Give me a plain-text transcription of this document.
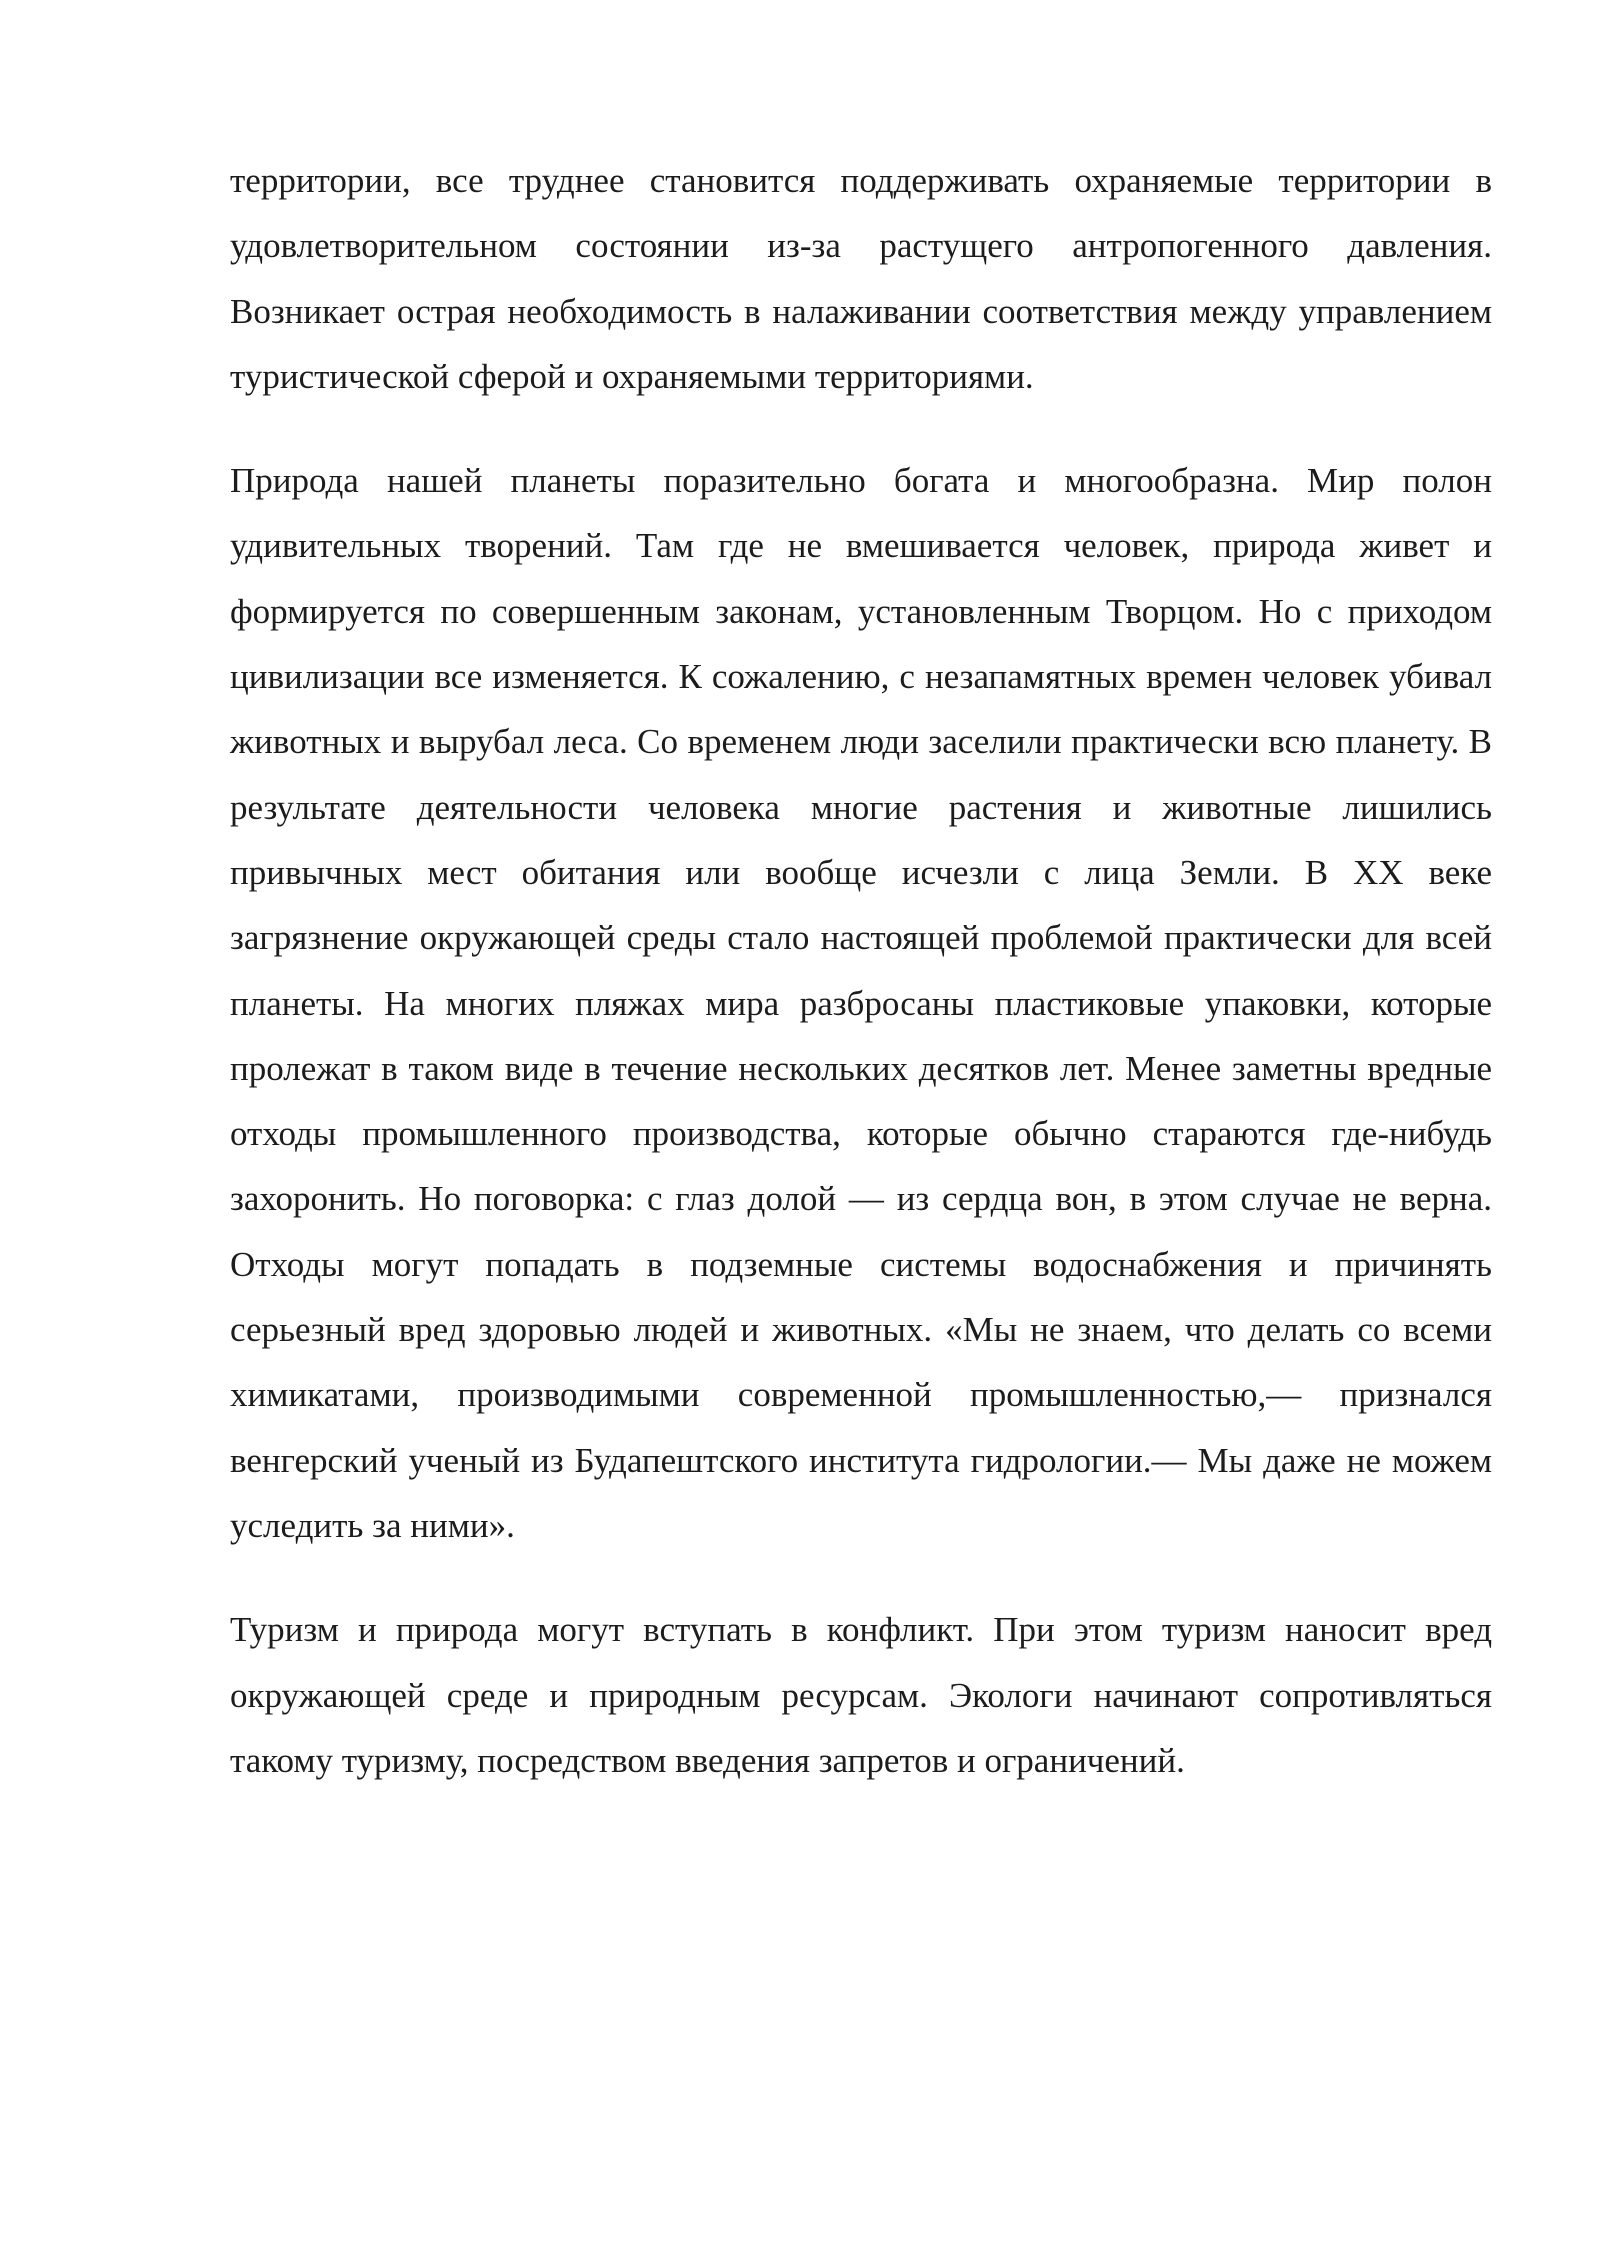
территории, все труднее становится поддерживать охраняемые территории в удовлетворительном состоянии из-за растущего антропогенного давления. Возникает острая необходимость в налаживании соответствия между управлением туристической сферой и охраняемыми территориями.

Природа нашей планеты поразительно богата и многообразна. Мир полон удивительных творений. Там где не вмешивается человек, природа живет и формируется по совершенным законам, установленным Творцом. Но с приходом цивилизации все изменяется. К сожалению, с незапамятных времен человек убивал животных и вырубал леса. Со временем люди заселили практически всю планету. В результате деятельности человека многие растения и животные лишились привычных мест обитания или вообще исчезли с лица Земли. В XX веке загрязнение окружающей среды стало настоящей проблемой практически для всей планеты. На многих пляжах мира разбросаны пластиковые упаковки, которые пролежат в таком виде в течение нескольких десятков лет. Менее заметны вредные отходы промышленного производства, которые обычно стараются где-нибудь захоронить. Но поговорка: с глаз долой — из сердца вон, в этом случае не верна. Отходы могут попадать в подземные системы водоснабжения и причинять серьезный вред здоровью людей и животных. «Мы не знаем, что делать со всеми химикатами, производимыми современной промышленностью,— признался венгерский ученый из Будапештского института гидрологии.— Мы даже не можем уследить за ними».

Туризм и природа могут вступать в конфликт. При этом туризм наносит вред окружающей среде и природным ресурсам. Экологи начинают сопротивляться такому туризму, посредством введения запретов и ограничений.
